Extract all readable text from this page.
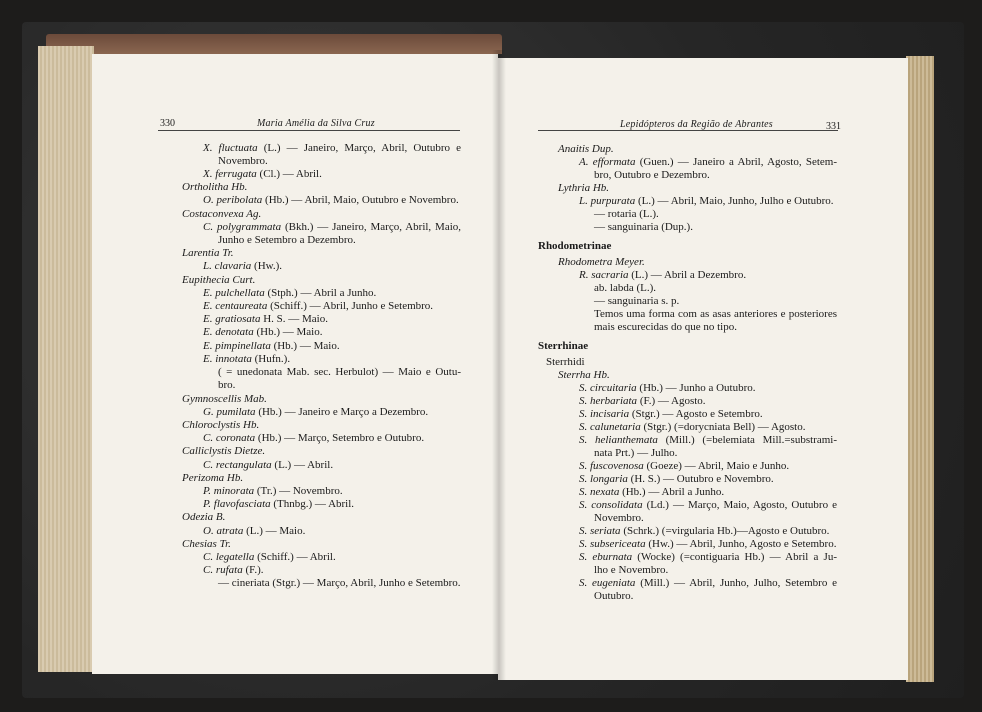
330	Maria Amélia da Silva Cruz
X. fluctuata (L.) — Janeiro, Março, Abril, Outubro e
Novembro.
X. ferrugata (Cl.) — Abril.
Ortholitha Hb.
O. peribolata (Hb.) — Abril, Maio, Outubro e Novembro.
Costaconvexa Ag.
C. polygrammata (Bkh.) — Janeiro, Março, Abril, Maio,
Junho e Setembro a Dezembro.
Larentia Tr.
L. clavaria (Hw.).
Eupithecia Curt.
E. pulchellata (Stph.) — Abril a Junho.
E. centaureata (Schiff.) — Abril, Junho e Setembro.
E. gratiosata H. S. — Maio.
E. denotata (Hb.) — Maio.
E. pimpinellata (Hb.) — Maio.
E. innotata (Hufn.).
( = unedonata Mab. sec. Herbulot) — Maio e Outu-
bro.
Gymnoscellis Mab.
G. pumilata (Hb.) — Janeiro e Março a Dezembro.
Chloroclystis Hb.
C. coronata (Hb.) — Março, Setembro e Outubro.
Calliclystis Dietze.
C. rectangulata (L.) — Abril.
Perizoma Hb.
P. minorata (Tr.) — Novembro.
P. flavofasciata (Thnbg.) — Abril.
Odezia B.
O. atrata (L.) — Maio.
Chesias Tr.
C. legatella (Schiff.) — Abril.
C. rufata (F.).
— cineriata (Stgr.) — Março, Abril, Junho e Setembro.
Lepidópteros da Região de Abrantes	331
Anaitis Dup.
A. efformata (Guen.) — Janeiro a Abril, Agosto, Setem-
bro, Outubro e Dezembro.
Lythria Hb.
L. purpurata (L.) — Abril, Maio, Junho, Julho e Outubro.
— rotaria (L.).
— sanguinaria (Dup.).
Rhodometrinae
Rhodometra Meyer.
R. sacraria (L.) — Abril a Dezembro.
ab. labda (L.).
— sanguinaria s. p.
Temos uma forma com as asas anteriores e posteriores
mais escurecidas do que no tipo.
Sterrhinae
Sterrhidi
Sterrha Hb.
S. circuitaria (Hb.) — Junho a Outubro.
S. herbariata (F.) — Agosto.
S. incisaria (Stgr.) — Agosto e Setembro.
S. calunetaria (Stgr.) (=dorycniata Bell) — Agosto.
S. helianthemata (Mill.) (=belemiata Mill.=substrami-
nata Prt.) — Julho.
S. fuscovenosa (Goeze) — Abril, Maio e Junho.
S. longaria (H. S.) — Outubro e Novembro.
S. nexata (Hb.) — Abril a Junho.
S. consolidata (Ld.) — Março, Maio, Agosto, Outubro e
Novembro.
S. seriata (Schrk.) (=virgularia Hb.)—Agosto e Outubro.
S. subsericeata (Hw.) — Abril, Junho, Agosto e Setembro.
S. eburnata (Wocke) (=contiguaria Hb.) — Abril a Ju-
lho e Novembro.
S. eugeniata (Mill.) — Abril, Junho, Julho, Setembro e
Outubro.
